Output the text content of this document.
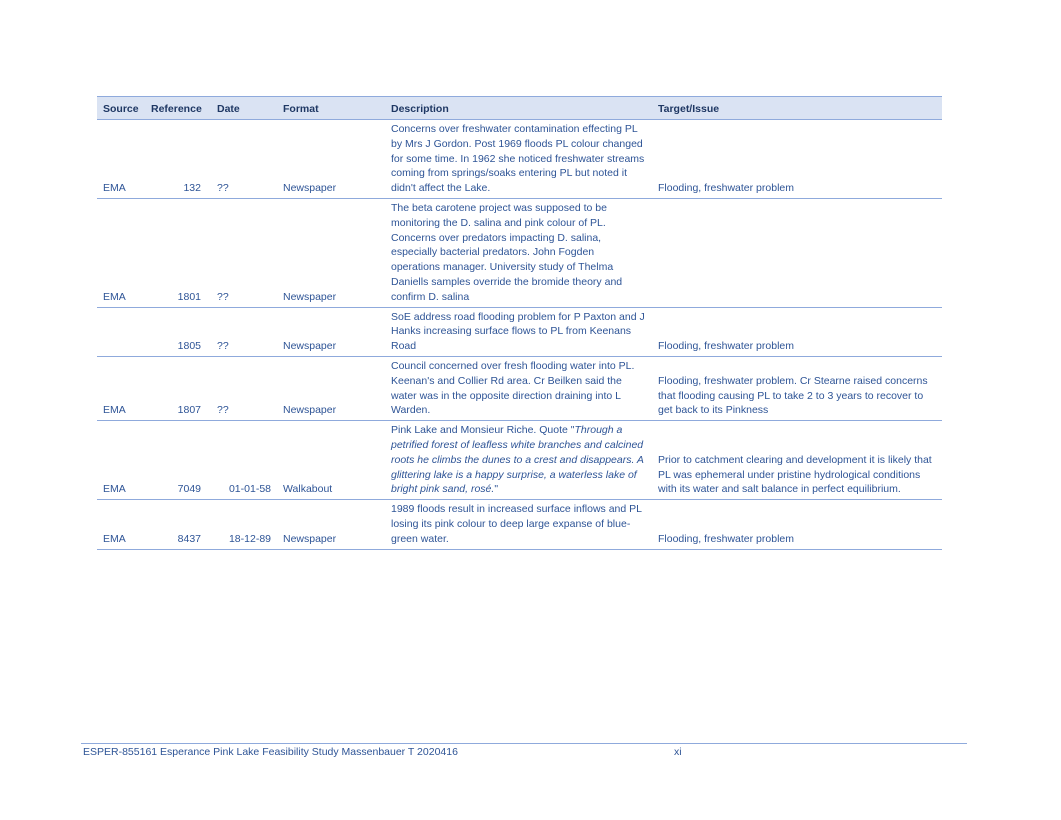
Source	Reference	Date	Format	Description	Target/Issue
EMA	132	??	Newspaper	Concerns over freshwater contamination effecting PL by Mrs J Gordon. Post 1969 floods PL colour changed for some time. In 1962 she noticed freshwater streams coming from springs/soaks entering PL but noted it didn't affect the Lake.	Flooding, freshwater problem
EMA	1801	??	Newspaper	The beta carotene project was supposed to be monitoring the D. salina and pink colour of PL. Concerns over predators impacting D. salina, especially bacterial predators. John Fogden operations manager. University study of Thelma Daniells samples override the bromide theory and confirm D. salina	
	1805	??	Newspaper	SoE address road flooding problem for P Paxton and J Hanks increasing surface flows to PL from Keenans Road	Flooding, freshwater problem
EMA	1807	??	Newspaper	Council concerned over fresh flooding water into PL. Keenan's and Collier Rd area. Cr Beilken said the water was in the opposite direction draining into L Warden.	Flooding, freshwater problem. Cr Stearne raised concerns that flooding causing PL to take 2 to 3 years to recover to get back to its Pinkness
EMA	7049	01-01-58	Walkabout	Pink Lake and Monsieur Riche. Quote "Through a petrified forest of leafless white branches and calcined roots he climbs the dunes to a crest and disappears. A glittering lake is a happy surprise, a waterless lake of bright pink sand, rosé."	Prior to catchment clearing and development it is likely that PL was ephemeral under pristine hydrological conditions with its water and salt balance in perfect equilibrium.
EMA	8437	18-12-89	Newspaper	1989 floods result in increased surface inflows and PL losing its pink colour to deep large expanse of blue-green water.	Flooding, freshwater problem
ESPER-855161 Esperance Pink Lake Feasibility Study Massenbauer T 2020416	xi
